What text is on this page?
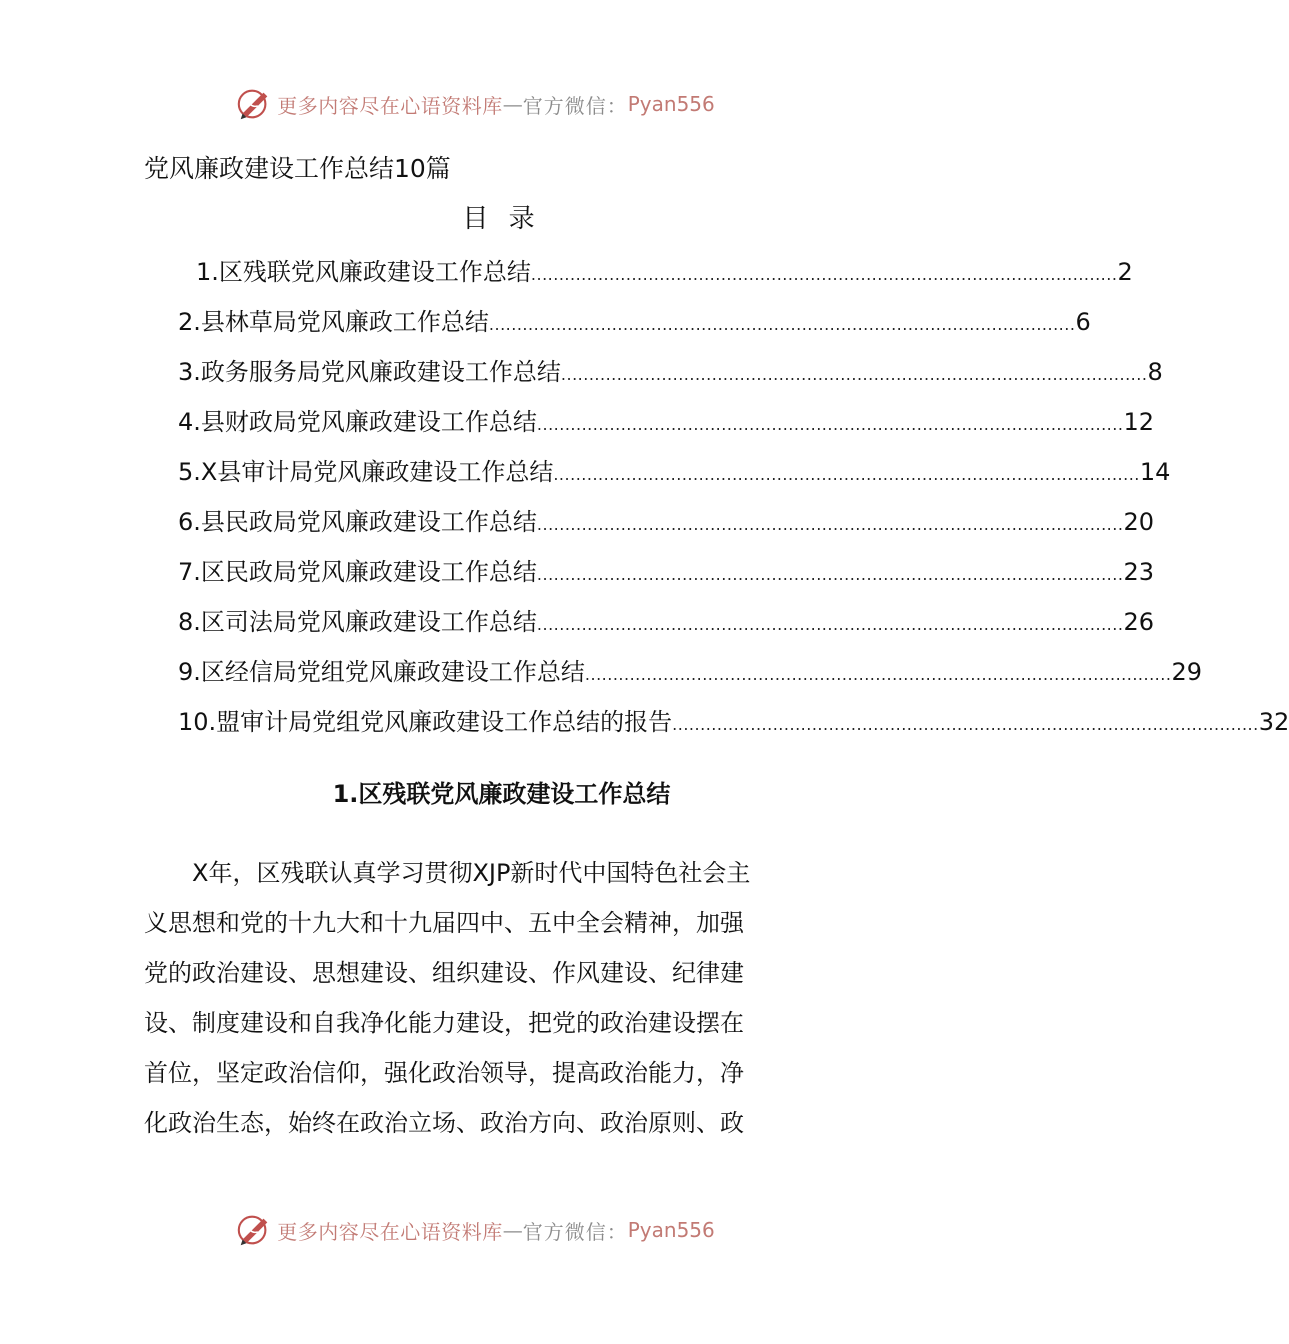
更多内容尽在心语资料库 — 官方微信： Pyan556
党风廉政建设工作总结10篇
目 录
1.区残联党风廉政建设工作总结 ......................................................................................................... 2
2.县林草局党风廉政工作总结 ......................................................................................................... 6
3.政务服务局党风廉政建设工作总结 ......................................................................................................... 8
4.县财政局党风廉政建设工作总结 ......................................................................................................... 12
5.X县审计局党风廉政建设工作总结 ......................................................................................................... 14
6.县民政局党风廉政建设工作总结 ......................................................................................................... 20
7.区民政局党风廉政建设工作总结 ......................................................................................................... 23
8.区司法局党风廉政建设工作总结 ......................................................................................................... 26
9.区经信局党组党风廉政建设工作总结 ......................................................................................................... 29
10.盟审计局党组党风廉政建设工作总结的报告 ......................................................................................................... 32
1.区残联党风廉政建设工作总结
　　X年，区残联认真学习贯彻XJP新时代中国特色社会主
义思想和党的十九大和十九届四中、五中全会精神，加强
党的政治建设、思想建设、组织建设、作风建设、纪律建
设、制度建设和自我净化能力建设，把党的政治建设摆在
首位，坚定政治信仰，强化政治领导，提高政治能力，净
化政治生态，始终在政治立场、政治方向、政治原则、政
更多内容尽在心语资料库 — 官方微信： Pyan556
